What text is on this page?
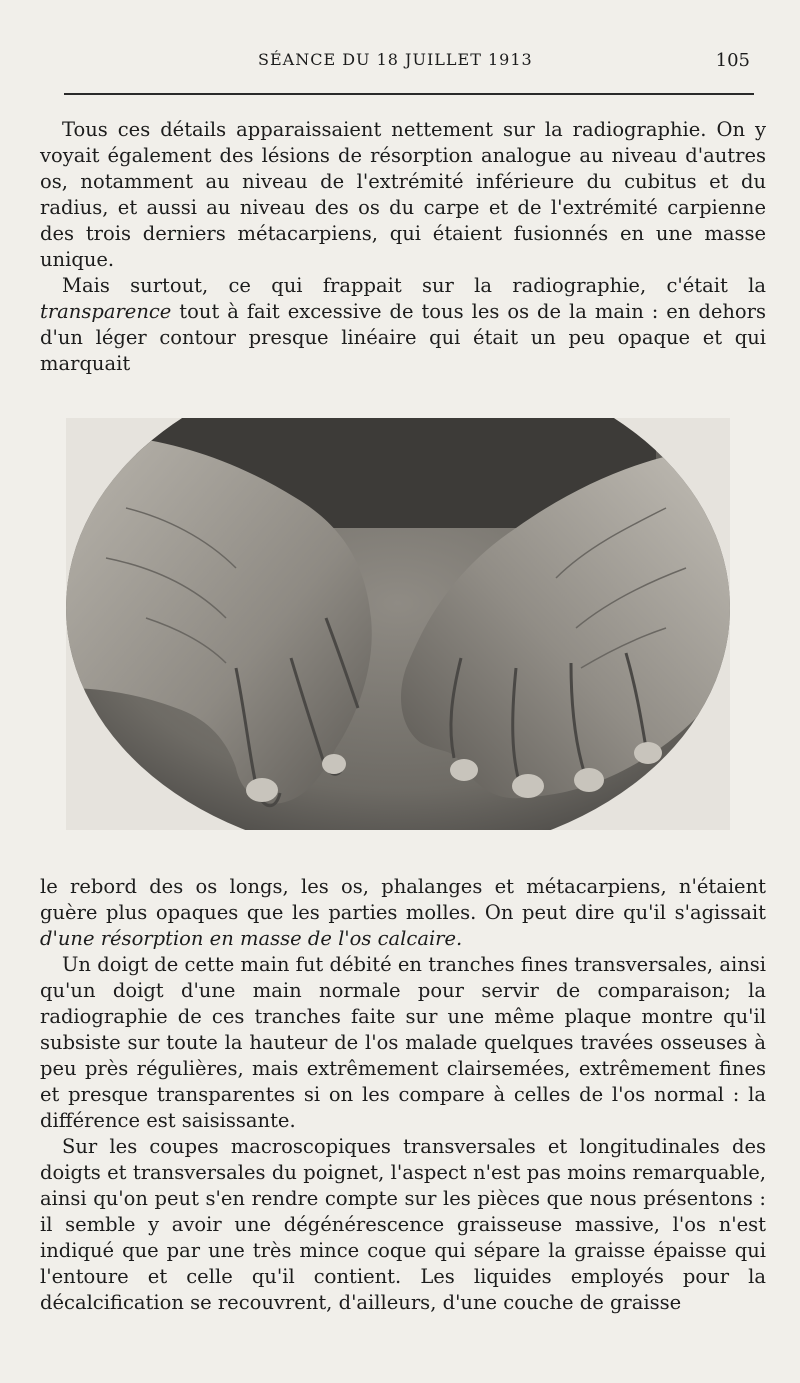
SÉANCE DU 18 JUILLET 1913	105

Tous ces détails apparaissaient nettement sur la radiographie. On y voyait également des lésions de résorption analogue au niveau d'autres os, notamment au niveau de l'extrémité inférieure du cubitus et du radius, et aussi au niveau des os du carpe et de l'extrémité carpienne des trois derniers métacarpiens, qui étaient fusionnés en une masse unique.

Mais surtout, ce qui frappait sur la radiographie, c'était la transparence tout à fait excessive de tous les os de la main : en dehors d'un léger contour presque linéaire qui était un peu opaque et qui marquait

le rebord des os longs, les os, phalanges et métacarpiens, n'étaient guère plus opaques que les parties molles. On peut dire qu'il s'agissait d'une résorption en masse de l'os calcaire.

Un doigt de cette main fut débité en tranches fines transversales, ainsi qu'un doigt d'une main normale pour servir de comparaison; la radiographie de ces tranches faite sur une même plaque montre qu'il subsiste sur toute la hauteur de l'os malade quelques travées osseuses à peu près régulières, mais extrêmement clairsemées, extrêmement fines et presque transparentes si on les compare à celles de l'os normal : la différence est saisissante.

Sur les coupes macroscopiques transversales et longitudinales des doigts et transversales du poignet, l'aspect n'est pas moins remarquable, ainsi qu'on peut s'en rendre compte sur les pièces que nous présentons : il semble y avoir une dégénérescence graisseuse massive, l'os n'est indiqué que par une très mince coque qui sépare la graisse épaisse qui l'entoure et celle qu'il contient. Les liquides employés pour la décalcification se recouvrent, d'ailleurs, d'une couche de graisse
